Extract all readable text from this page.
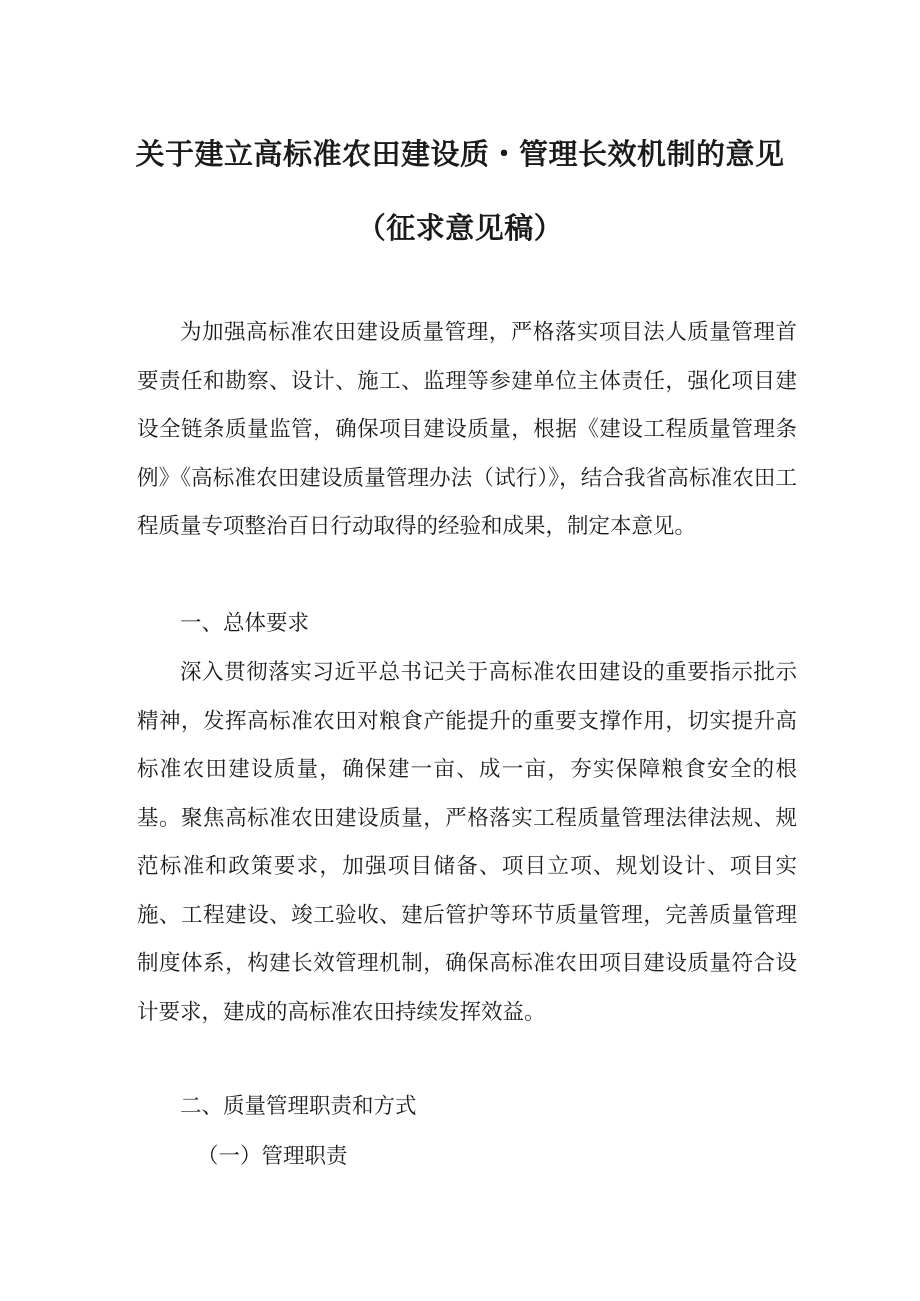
关于建立高标准农田建设质・管理长效机制的意见
（征求意见稿）

为加强高标准农田建设质量管理，严格落实项目法人质量管理首要责任和勘察、设计、施工、监理等参建单位主体责任，强化项目建设全链条质量监管，确保项目建设质量，根据《建设工程质量管理条例》《高标准农田建设质量管理办法（试行）》，结合我省高标准农田工程质量专项整治百日行动取得的经验和成果，制定本意见。

一、总体要求

深入贯彻落实习近平总书记关于高标准农田建设的重要指示批示精神，发挥高标准农田对粮食产能提升的重要支撑作用，切实提升高标准农田建设质量，确保建一亩、成一亩，夯实保障粮食安全的根基。聚焦高标准农田建设质量，严格落实工程质量管理法律法规、规范标准和政策要求，加强项目储备、项目立项、规划设计、项目实施、工程建设、竣工验收、建后管护等环节质量管理，完善质量管理制度体系，构建长效管理机制，确保高标准农田项目建设质量符合设计要求，建成的高标准农田持续发挥效益。

二、质量管理职责和方式

（一）管理职责
